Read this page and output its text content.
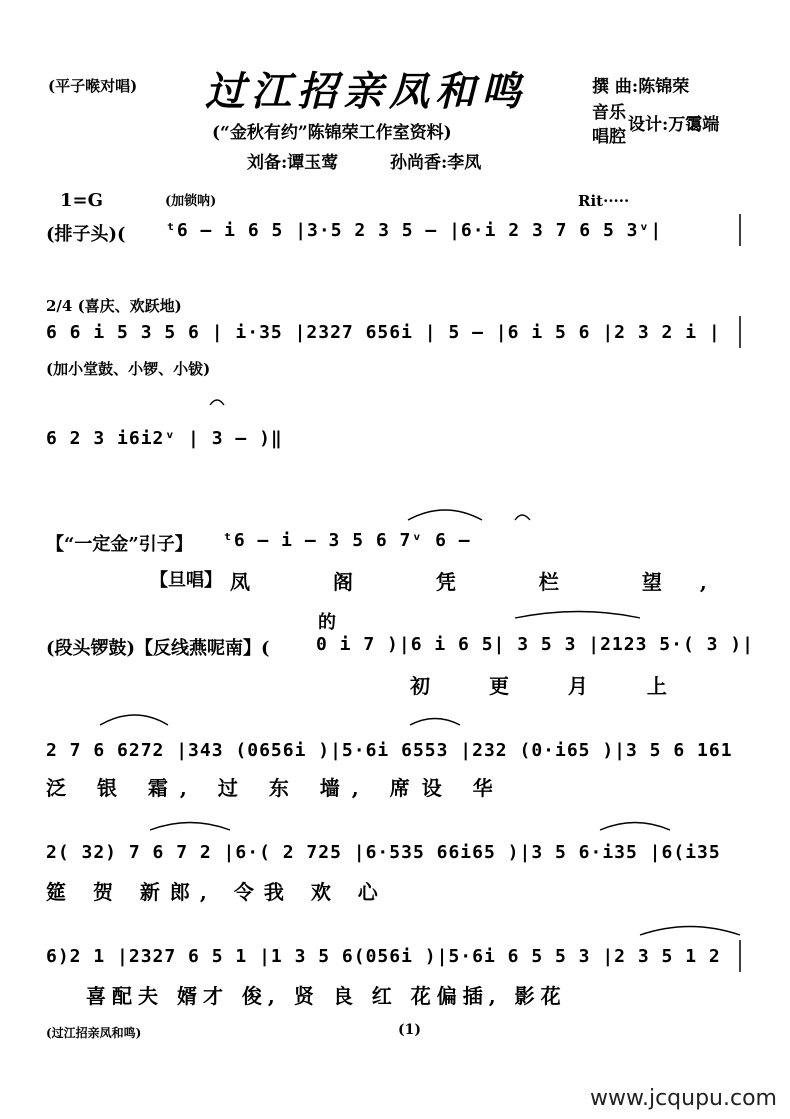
(平子喉对唱) 过江招亲凤和鸣	撰 曲:陈锦荣
音乐
唱腔
设计:万霭端
(“金秋有约”陈锦荣工作室资料)
刘备:谭玉莺	孙尚香:李凤
1=G	(加锁呐)	Rit·····
(排子头)( ᵗ6 – i 6 5 |3·5 2 3 5 – |6·i 2 3 7 6 5 3ᵛ|
2/4 (喜庆、欢跃地)
6 6 i 5 3 5 6 | i·35 |2327 656i | 5 – |6 i 5 6 |2 3 2 i |
(加小堂鼓、小锣、小钹)
6 2 3 i6i2ᵛ | 3 – )‖
【“一定金”引子】 ᵗ6 – i – 3 5 6 7ᵛ 6 –
【旦唱】 凤 阁 凭 栏 望,
的
(段头锣鼓)【反线燕呢南】(	0 i 7 )|6 i 6 5| 3 5 3 |2123 5·( 3 )|
初 更 月 上
2 7 6 6272 |343 (0656i )|5·6i 6553 |232 (0·i65 )|3 5 6 161
泛 银 霜, 过 东 墙, 席设 华
2( 32) 7 6 7 2 |6·( 2 725 |6·535 66i65 )|3 5 6·i35 |6(i35
筵 贺 新郎, 令我 欢 心
6)2 1 |2327 6 5 1 |1 3 5 6(056i )|5·6i 6 5 5 3 |2 3 5 1 2
喜配夫 婿才 俊, 贤 良 红 花偏插, 影花
(过江招亲凤和鸣)	(1)
www.jcqupu.com
